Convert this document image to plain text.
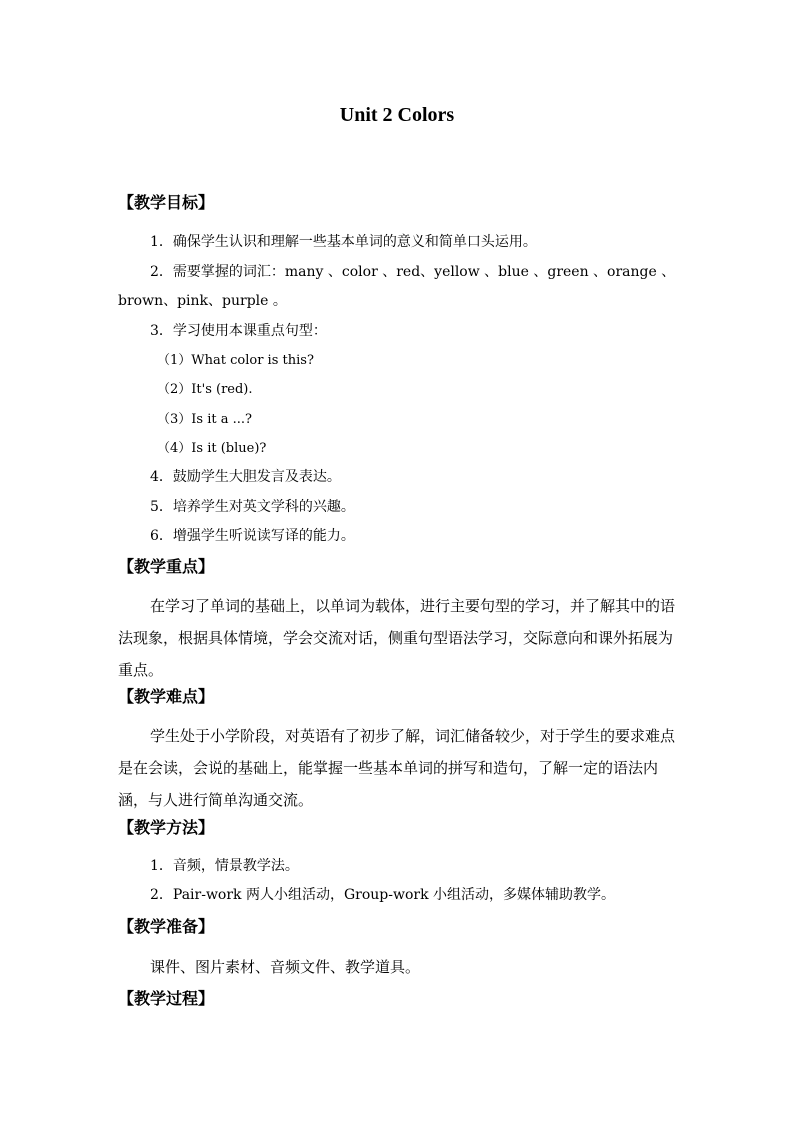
Unit 2 Colors
【教学目标】
1．确保学生认识和理解一些基本单词的意义和简单口头运用。
2．需要掌握的词汇：many 、color 、red、yellow 、blue 、green 、orange 、
brown、pink、purple 。
3．学习使用本课重点句型：
（1）What color is this?
（2）It's (red).
（3）Is it a ...?
（4）Is it (blue)?
4．鼓励学生大胆发言及表达。
5．培养学生对英文学科的兴趣。
6．增强学生听说读写译的能力。
【教学重点】
在学习了单词的基础上，以单词为载体，进行主要句型的学习，并了解其中的语法现象，根据具体情境，学会交流对话，侧重句型语法学习，交际意向和课外拓展为重点。
【教学难点】
学生处于小学阶段，对英语有了初步了解，词汇储备较少，对于学生的要求难点是在会读，会说的基础上，能掌握一些基本单词的拼写和造句，了解一定的语法内涵，与人进行简单沟通交流。
【教学方法】
1．音频，情景教学法。
2．Pair-work 两人小组活动，Group-work 小组活动，多媒体辅助教学。
【教学准备】
课件、图片素材、音频文件、教学道具。
【教学过程】
